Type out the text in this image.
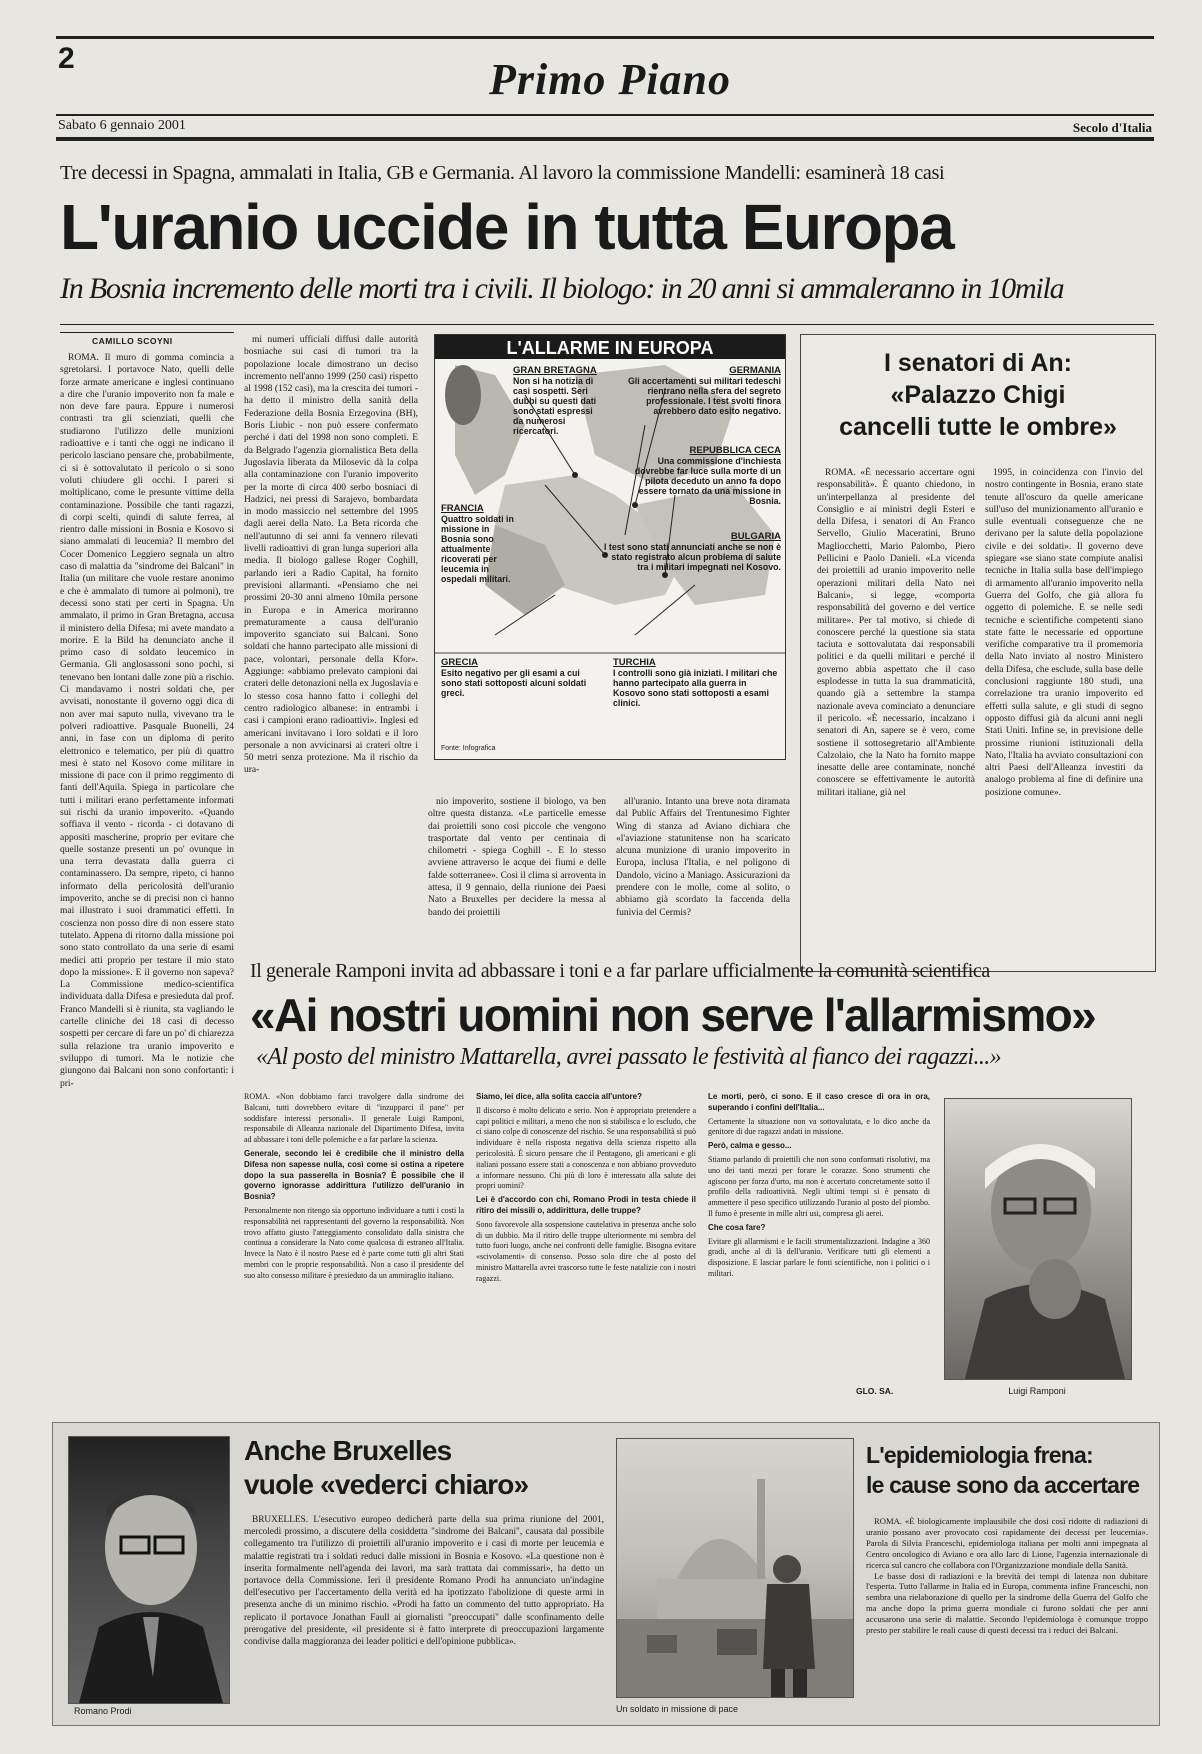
2	Primo Piano
Sabato 6 gennaio 2001	Secolo d'Italia
Tre decessi in Spagna, ammalati in Italia, GB e Germania. Al lavoro la commissione Mandelli: esaminerà 18 casi
L'uranio uccide in tutta Europa
In Bosnia incremento delle morti tra i civili. Il biologo: in 20 anni si ammaleranno in 10mila
CAMILLO SCOYNI

ROMA. Il muro di gomma comincia a sgretolarsi. I portavoce Nato, quelli delle forze armate americane e inglesi continuano a dire che l'uranio impoverito non fa male e non deve fare paura. Eppure i numerosi contrasti tra gli scienziati, quelli che studiarono l'utilizzo delle munizioni radioattive e i tanti che oggi ne indicano il pericolo lasciano pensare che, probabilmente, ci si è sottovalutato il pericolo o si sono voluti chiudere gli occhi. I pareri si moltiplicano, come le presunte vittime della contaminazione. Possibile che tanti ragazzi, di corpi scelti, quindi di salute ferrea, al rientro dalle missioni in Bosnia e Kosovo si siano ammalati di leucemia? Il membro del Cocer Domenico Leggiero segnala un altro caso di malattia da "sindrome dei Balcani" in Italia (un militare che vuole restare anonimo e che è ammalato di tumore ai polmoni), tre decessi sono stati per certi in Spagna. Un ammalato, il primo in Gran Bretagna, accusa il ministero della Difesa; mi avete mandato a morire. E la Bild ha denunciato anche il primo caso di soldato leucemico in Germania. Gli anglosassoni sono pochi, si tenevano ben lontani dalle zone più a rischio. Ci mandavamo i nostri soldati che, per avvisati, nonostante il governo oggi dica di non aver mai saputo nulla, vivevano tra le polveri radioattive. Pasquale Buonelli, 24 anni, in fase con un diploma di perito elettronico e telematico, per più di quattro mesi è stato nel Kosovo come militare in missione di pace con il primo reggimento di fanti dell'Aquila. Spiega in particolare che tutti i militari erano perfettamente informati sui rischi da uranio impoverito. «Quando soffiava il vento - ricorda - ci dotavano di appositi mascherine, proprio per evitare che quelle sostanze presenti un po' ovunque in una terra devastata dalla guerra ci contaminassero. Da sempre, ripeto, ci hanno informato della pericolosità dell'uranio impoverito, anche se di precisi non ci hanno mai illustrato i suoi drammatici effetti. In coscienza non posso dire di non essere stato tutelato. Appena di ritorno dalla missione poi sono stato controllato da una serie di esami medici atti proprio per testare il mio stato dopo la missione». E il governo non sapeva? La Commissione medico-scientifica individuata dalla Difesa e presieduta dal prof. Franco Mandelli si è riunita, sta vagliando le cartelle cliniche dei 18 casi di decesso sospetti per cercare di fare un po' di chiarezza sulla relazione tra uranio impoverito e sviluppo di tumori. Ma le notizie che giungono dai Balcani non sono confortanti: i pri-

mi numeri ufficiali diffusi dalle autorità bosniache sui casi di tumori tra la popolazione locale dimostrano un deciso incremento nell'anno 1999 (250 casi) rispetto al 1998 (152 casi), ma la crescita dei tumori - ha detto il ministro della sanità della Federazione della Bosnia Erzegovina (BH), Boris Liubic - non può essere confermato perché i dati del 1998 non sono completi. E da Belgrado l'agenzia giornalistica Beta della Jugoslavia liberata da Milosevic dà la colpa alla contaminazione con l'uranio impoverito per la morte di circa 400 serbo bosniaci di Hadzici, nei pressi di Sarajevo, bombardata in modo massiccio nel settembre del 1995 dagli aerei della Nato. La Beta ricorda che nell'autunno di sei anni fa vennero rilevati livelli radioattivi di gran lunga superiori alla media. Il biologo gallese Roger Coghill, parlando ieri a Radio Capital, ha fornito previsioni allarmanti. «Pensiamo che nei prossimi 20-30 anni almeno 10mila persone in Europa e in America moriranno prematuramente a causa dell'uranio impoverito sganciato sui Balcani. Sono soldati che hanno partecipato alle missioni di pace, volontari, personale della Kfor». Aggiunge: «abbiamo prelevato campioni dai crateri delle detonazioni nella ex Jugoslavia e lo stesso cosa hanno fatto i colleghi del centro radiologico albanese: in entrambi i casi i campioni erano radioattivi». Inglesi ed americani invitavano i loro soldati e il loro personale a non avvicinarsi ai crateri oltre i 50 metri senza protezione. Ma il rischio da ura-

nio impoverito, sostiene il biologo, va ben oltre questa distanza. «Le particelle emesse dai proiettili sono così piccole che vengono trasportate dal vento per centinaia di chilometri - spiega Coghill -. E lo stesso avviene attraverso le acque dei fiumi e delle falde sotterranee». Così il clima si arroventa in attesa, il 9 gennaio, della riunione dei Paesi Nato a Bruxelles per decidere la messa al bando dei proiettili

all'uranio. Intanto una breve nota diramata dal Public Affairs del Trentunesimo Fighter Wing di stanza ad Aviano dichiara che «l'aviazione statunitense non ha scaricato alcuna munizione di uranio impoverito in Europa, inclusa l'Italia, e nel poligono di Dandolo, vicino a Maniago. Assicurazioni da prendere con le molle, come al solito, o abbiamo già scordato la faccenda della funivia del Cermis?

L'ALLARME IN EUROPA
GRAN BRETAGNA
Non si ha notizia di casi sospetti. Seri dubbi su questi dati sono stati espressi da numerosi ricercatori.
GERMANIA
Gli accertamenti sui militari tedeschi rientrano nella sfera del segreto professionale. I test svolti finora avrebbero dato esito negativo.
REPUBBLICA CECA
Una commissione d'inchiesta dovrebbe far luce sulla morte di un pilota deceduto un anno fa dopo essere tornato da una missione in Bosnia.
FRANCIA
Quattro soldati in missione in Bosnia sono attualmente ricoverati per leucemia in ospedali militari.
BULGARIA
I test sono stati annunciati anche se non è stato registrato alcun problema di salute tra i militari impegnati nel Kosovo.
GRECIA
Esito negativo per gli esami a cui sono stati sottoposti alcuni soldati greci.
TURCHIA
I controlli sono già iniziati. I militari che hanno partecipato alla guerra in Kosovo sono stati sottoposti a esami clinici.
Fonte: Infografica
I senatori di An:
«Palazzo Chigi
cancelli tutte le ombre»

ROMA. «È necessario accertare ogni responsabilità». È quanto chiedono, in un'interpellanza al presidente del Consiglio e ai ministri degli Esteri e della Difesa, i senatori di An Franco Servello, Giulio Maceratini, Bruno Magliocchetti, Mario Palombo, Piero Pellicini e Paolo Danieli. «La vicenda dei proiettili ad uranio impoverito nelle operazioni militari della Nato nei Balcani», si legge, «comporta responsabilità del governo e del vertice militare». Per tal motivo, si chiede di conoscere perché la questione sia stata taciuta e sottovalutata dai responsabili politici e da quelli militari e perché il governo abbia aspettato che il caso esplodesse in tutta la sua drammaticità, quando già a settembre la stampa nazionale aveva cominciato a denunciare il pericolo. «È necessario, incalzano i senatori di An, sapere se è vero, come sostiene il sottosegretario all'Ambiente Calzolaio, che la Nato ha fornito mappe inesatte delle aree contaminate, nonché conoscere se effettivamente le autorità militari italiane, già nel

1995, in coincidenza con l'invio del nostro contingente in Bosnia, erano state tenute all'oscuro da quelle americane sull'uso del munizionamento all'uranio e sulle eventuali conseguenze che ne derivano per la salute della popolazione civile e dei soldati». Il governo deve spiegare «se siano state compiute analisi tecniche in Italia sulla base dell'impiego di armamento all'uranio impoverito nella Guerra del Golfo, che già allora fu oggetto di polemiche. E se nelle sedi tecniche e scientifiche competenti siano state fatte le necessarie ed opportune verifiche comparative tra il promemoria della Nato inviato al nostro Ministero della Difesa, che esclude, sulla base delle conclusioni raggiunte 180 studi, una correlazione tra uranio impoverito ed effetti sulla salute, e gli studi di segno opposto diffusi già da alcuni anni negli Stati Uniti. Infine se, in previsione delle prossime riunioni istituzionali della Nato, l'Italia ha avviato consultazioni con altri Paesi dell'Alleanza investiti da analogo problema al fine di definire una posizione comune».

Il generale Ramponi invita ad abbassare i toni e a far parlare ufficialmente la comunità scientifica
«Ai nostri uomini non serve l'allarmismo»
«Al posto del ministro Mattarella, avrei passato le festività al fianco dei ragazzi...»

ROMA. «Non dobbiamo farci travolgere dalla sindrome dei Balcani, tutti dovrebbero evitare di "inzupparci il pane" per soddisfare interessi personali». Il generale Luigi Ramponi, responsabile di Alleanza nazionale del Dipartimento Difesa, invita ad abbassare i toni delle polemiche e a far parlare la scienza.

Generale, secondo lei è credibile che il ministro della Difesa non sapesse nulla, così come si ostina a ripetere dopo la sua passerella in Bosnia? È possibile che il governo ignorasse addirittura l'utilizzo dell'uranio in Bosnia?

Personalmente non ritengo sia opportuno individuare a tutti i costi la responsabilità nei rappresentanti del governo la responsabilità. Non trovo affatto giusto l'atteggiamento consolidato dalla sinistra che continua a considerare la Nato come qualcosa di estraneo all'Italia. Invece la Nato è il nostro Paese ed è parte come tutti gli altri Stati membri con le proprie responsabilità. Non a caso il presidente del suo alto consesso militare è presieduto da un ammiraglio italiano.

Siamo, lei dice, alla solita caccia all'untore?

Il discorso è molto delicato e serio. Non è appropriato pretendere a capi politici e militari, a meno che non si stabilisca e lo escludo, che ci siano colpe di conoscenze del rischio. Se una responsabilità si può individuare è nella risposta negativa della scienza rispetto alla pericolosità. È sicuro pensare che il Pentagono, gli americani e gli italiani possano essere stati a conoscenza e non abbiano provveduto a informare nessuno. Chi più di loro è interessato alla salute dei propri uomini?

Lei è d'accordo con chi, Romano Prodi in testa chiede il ritiro dei missili o, addirittura, delle truppe?

Sono favorevole alla sospensione cautelativa in presenza anche solo di un dubbio. Ma il ritiro delle truppe ulteriormente mi sembra del tutto fuori luogo, anche nei confronti delle famiglie. Bisogna evitare «scivolamenti» di consenso. Posso solo dire che al posto del ministro Mattarella avrei trascorso tutte le feste natalizie con i nostri ragazzi.

Le morti, però, ci sono. E il caso cresce di ora in ora, superando i confini dell'Italia...

Certamente la situazione non va sottovalutata, e lo dico anche da genitore di due ragazzi andati in missione.

Però, calma e gesso...

Stiamo parlando di proiettili che non sono conformati risolutivi, ma uno dei tanti mezzi per forare le corazze. Sono strumenti che agiscono per forza d'urto, ma non è accertato concretamente sotto il profilo della radioattività. Negli ultimi tempi si è pensato di ammettere il peso specifico utilizzando l'uranio al posto del piombo. Il fumo è presente in mille altri usi, compresa gli aerei.

Che cosa fare?

Evitare gli allarmismi e le facili strumentalizzazioni. Indagine a 360 gradi, anche al di là dell'uranio. Verificare tutti gli elementi a disposizione. E lasciar parlare le fonti scientifiche, non i politici o i militari.

GLO. SA.	Luigi Ramponi
Romano Prodi
Anche Bruxelles
vuole «vederci chiaro»

BRUXELLES. L'esecutivo europeo dedicherà parte della sua prima riunione del 2001, mercoledì prossimo, a discutere della cosiddetta "sindrome dei Balcani", causata dal possibile collegamento tra l'utilizzo di proiettili all'uranio impoverito e i casi di morte per leucemia e malattie registrati tra i soldati reduci dalle missioni in Bosnia e Kosovo. «La questione non è inserita formalmente nell'agenda dei lavori, ma sarà trattata dai commissari», ha detto un portavoce della Commissione. Ieri il presidente Romano Prodi ha annunciato un'indagine dell'esecutivo per l'accertamento della verità ed ha ipotizzato l'abolizione di queste armi in presenza anche di un minimo rischio. «Prodi ha fatto un commento del tutto appropriato. Ha replicato il portavoce Jonathan Faull ai giornalisti "preoccupati" dalle sconfinamento delle prerogative del presidente, «il presidente si è fatto interprete di preoccupazioni largamente condivise dalla maggioranza dei leader politici e dell'opinione pubblica».

Un soldato in missione di pace
L'epidemiologia frena:
le cause sono da accertare

ROMA. «È biologicamente implausibile che dosi così ridotte di radiazioni di uranio possano aver provocato così rapidamente dei decessi per leucemia». Parola di Silvia Franceschi, epidemiologa italiana per molti anni impegnata al Centro oncologico di Aviano e ora allo Iarc di Lione, l'agenzia internazionale di ricerca sul cancro che collabora con l'Organizzazione mondiale della Sanità.

Le basse dosi di radiazioni e la brevità dei tempi di latenza non dubitare l'esperta. Tutto l'allarme in Italia ed in Europa, commenta infine Franceschi, non sembra una rielaborazione di quello per la sindrome della Guerra del Golfo che ma anche dopo la prima guerra mondiale ci furono soldati che per anni accusarono una serie di malattie. Secondo l'epidemiologa è comunque troppo presto per stabilire le reali cause di questi decessi tra i reduci dei Balcani.
